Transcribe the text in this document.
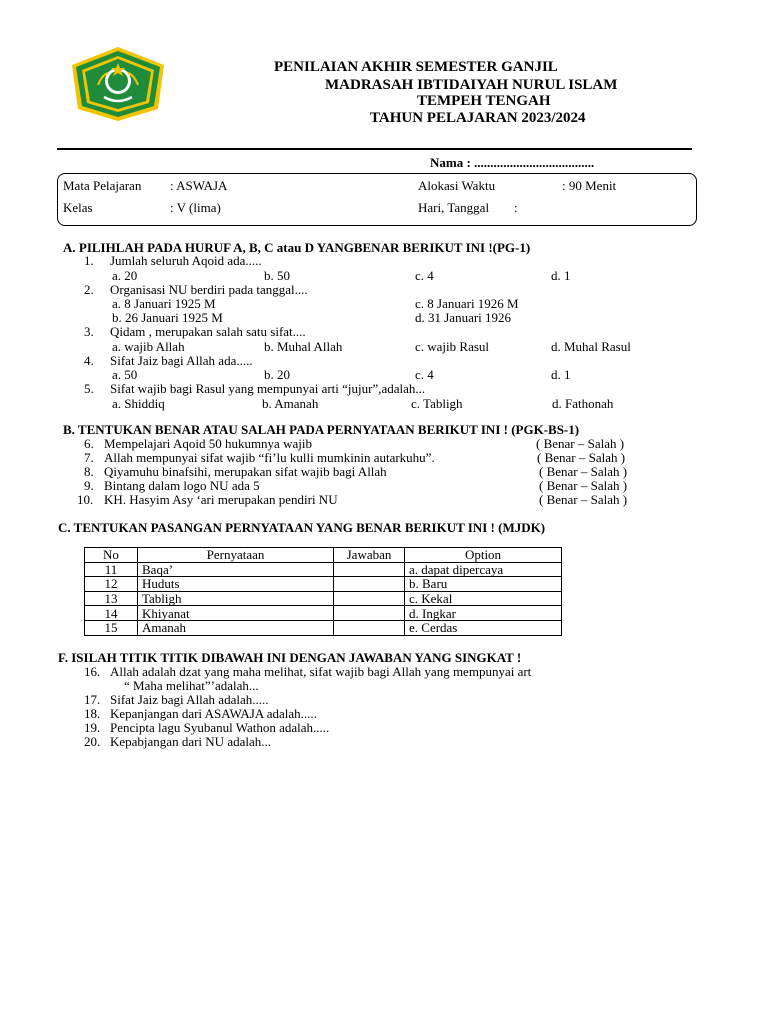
PENILAIAN AKHIR SEMESTER GANJIL
MADRASAH IBTIDAIYAH NURUL ISLAM
TEMPEH TENGAH
TAHUN PELAJARAN 2023/2024
Nama : .....................................
Mata Pelajaran : ASWAJA
Kelas	: V (lima)
Alokasi Waktu	: 90 Menit
Hari, Tanggal :
A. PILIHLAH PADA HURUF A, B, C atau D YANGBENAR BERIKUT INI !(PG-1)
1. Jumlah seluruh Aqoid ada.....
a. 20	b. 50	c. 4	d. 1
2. Organisasi NU berdiri pada tanggal....
a. 8 Januari 1925 M	c. 8 Januari 1926 M
b. 26 Januari 1925 M	d. 31 Januari 1926
3. Qidam , merupakan salah satu sifat....
a. wajib Allah	b. Muhal Allah	c. wajib Rasul	d. Muhal Rasul
4. Sifat Jaiz bagi Allah ada.....
a. 50	b. 20	c. 4	d. 1
5. Sifat wajib bagi Rasul yang mempunyai arti “jujur”,adalah...
a. Shiddiq	b. Amanah	c. Tabligh	d. Fathonah
B. TENTUKAN BENAR ATAU SALAH PADA PERNYATAAN BERIKUT INI ! (PGK-BS-1)
6. Mempelajari Aqoid 50 hukumnya wajib	( Benar – Salah )
7. Allah mempunyai sifat wajib “fi’lu kulli mumkinin autarkuhu”.	( Benar – Salah )
8. Qiyamuhu binafsihi, merupakan sifat wajib bagi Allah	( Benar – Salah )
9. Bintang dalam logo NU ada 5	( Benar – Salah )
10. KH. Hasyim Asy ‘ari merupakan pendiri NU	( Benar – Salah )
C. TENTUKAN PASANGAN PERNYATAAN YANG BENAR BERIKUT INI ! (MJDK)
No	Pernyataan	Jawaban	Option
11	Baqa’		a. dapat dipercaya
12	Huduts		b. Baru
13	Tabligh		c. Kekal
14	Khiyanat		d. Ingkar
15	Amanah		e. Cerdas
F. ISILAH TITIK TITIK DIBAWAH INI DENGAN JAWABAN YANG SINGKAT !
16. Allah adalah dzat yang maha melihat, sifat wajib bagi Allah yang mempunyai art
“ Maha melihat”’adalah...
17. Sifat Jaiz bagi Allah adalah.....
18. Kepanjangan dari ASAWAJA adalah.....
19. Pencipta lagu Syubanul Wathon adalah.....
20. Kepabjangan dari NU adalah...
